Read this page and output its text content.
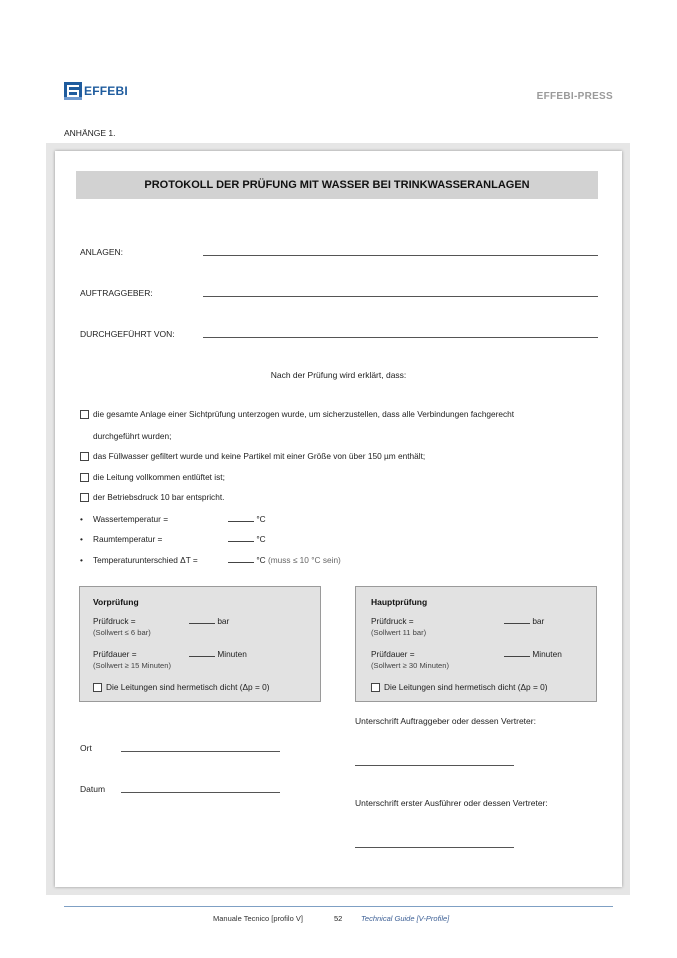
EFFEBI	EFFEBI-PRESS
ANHÄNGE 1.
PROTOKOLL DER PRÜFUNG MIT WASSER BEI TRINKWASSERANLAGEN
ANLAGEN:
AUFTRAGGEBER:
DURCHGEFÜHRT VON:
Nach der Prüfung wird erklärt, dass:
die gesamte Anlage einer Sichtprüfung unterzogen wurde, um sicherzustellen, dass alle Verbindungen fachgerecht
durchgeführt wurden;
das Füllwasser gefiltert wurde und keine Partikel mit einer Größe von über 150 µm enthält;
die Leitung vollkommen entlüftet ist;
der Betriebsdruck 10 bar entspricht.
• Wassertemperatur =	°C
• Raumtemperatur =	°C
• Temperaturunterschied ΔT =	°C (muss ≤ 10 °C sein)
Vorprüfung
Prüfdruck =	bar
(Sollwert ≤ 6 bar)
Prüfdauer =	Minuten
(Sollwert ≥ 15 Minuten)
Die Leitungen sind hermetisch dicht (Δp = 0)
Hauptprüfung
Prüfdruck =	bar
(Sollwert 11 bar)
Prüfdauer =	Minuten
(Sollwert ≥ 30 Minuten)
Die Leitungen sind hermetisch dicht (Δp = 0)
Ort
Datum
Unterschrift Auftraggeber oder dessen Vertreter:
Unterschrift erster Ausführer oder dessen Vertreter:
Manuale Tecnico [profilo V]	52 Technical Guide [V-Profile]
